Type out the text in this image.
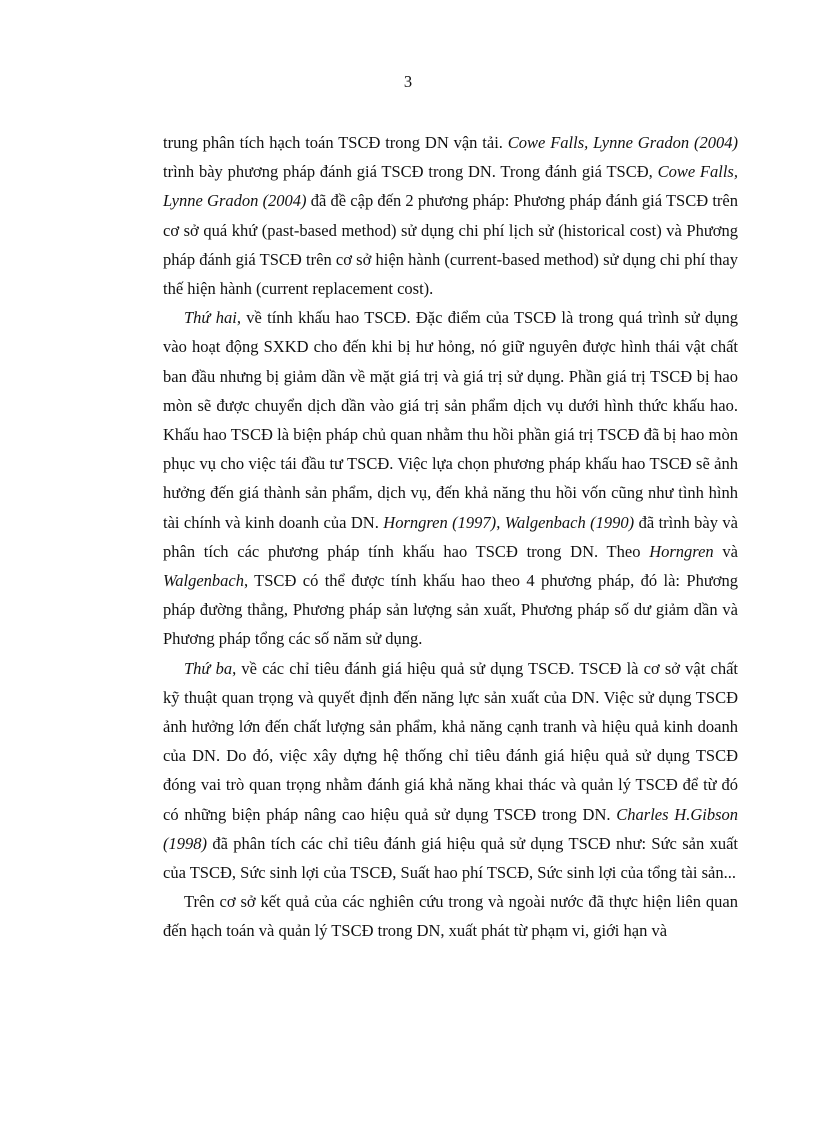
3

trung phân tích hạch toán TSCĐ trong DN vận tải. Cowe Falls, Lynne Gradon (2004) trình bày phương pháp đánh giá TSCĐ trong DN. Trong đánh giá TSCĐ, Cowe Falls, Lynne Gradon (2004) đã đề cập đến 2 phương pháp: Phương pháp đánh giá TSCĐ trên cơ sở quá khứ (past-based method) sử dụng chi phí lịch sử (historical cost) và Phương pháp đánh giá TSCĐ trên cơ sở hiện hành (current-based method) sử dụng chi phí thay thế hiện hành (current replacement cost).

Thứ hai, về tính khấu hao TSCĐ. Đặc điểm của TSCĐ là trong quá trình sử dụng vào hoạt động SXKD cho đến khi bị hư hỏng, nó giữ nguyên được hình thái vật chất ban đầu nhưng bị giảm dần về mặt giá trị và giá trị sử dụng. Phần giá trị TSCĐ bị hao mòn sẽ được chuyển dịch dần vào giá trị sản phẩm dịch vụ dưới hình thức khấu hao. Khấu hao TSCĐ là biện pháp chủ quan nhằm thu hồi phần giá trị TSCĐ đã bị hao mòn phục vụ cho việc tái đầu tư TSCĐ. Việc lựa chọn phương pháp khấu hao TSCĐ sẽ ảnh hưởng đến giá thành sản phẩm, dịch vụ, đến khả năng thu hồi vốn cũng như tình hình tài chính và kinh doanh của DN. Horngren (1997), Walgenbach (1990) đã trình bày và phân tích các phương pháp tính khấu hao TSCĐ trong DN. Theo Horngren và Walgenbach, TSCĐ có thể được tính khấu hao theo 4 phương pháp, đó là: Phương pháp đường thẳng, Phương pháp sản lượng sản xuất, Phương pháp số dư giảm dần và Phương pháp tổng các số năm sử dụng.

Thứ ba, về các chỉ tiêu đánh giá hiệu quả sử dụng TSCĐ. TSCĐ là cơ sở vật chất kỹ thuật quan trọng và quyết định đến năng lực sản xuất của DN. Việc sử dụng TSCĐ ảnh hưởng lớn đến chất lượng sản phẩm, khả năng cạnh tranh và hiệu quả kinh doanh của DN. Do đó, việc xây dựng hệ thống chỉ tiêu đánh giá hiệu quả sử dụng TSCĐ đóng vai trò quan trọng nhằm đánh giá khả năng khai thác và quản lý TSCĐ để từ đó có những biện pháp nâng cao hiệu quả sử dụng TSCĐ trong DN. Charles H.Gibson (1998) đã phân tích các chỉ tiêu đánh giá hiệu quả sử dụng TSCĐ như: Sức sản xuất của TSCĐ, Sức sinh lợi của TSCĐ, Suất hao phí TSCĐ, Sức sinh lợi của tổng tài sản...

Trên cơ sở kết quả của các nghiên cứu trong và ngoài nước đã thực hiện liên quan đến hạch toán và quản lý TSCĐ trong DN, xuất phát từ phạm vi, giới hạn và
